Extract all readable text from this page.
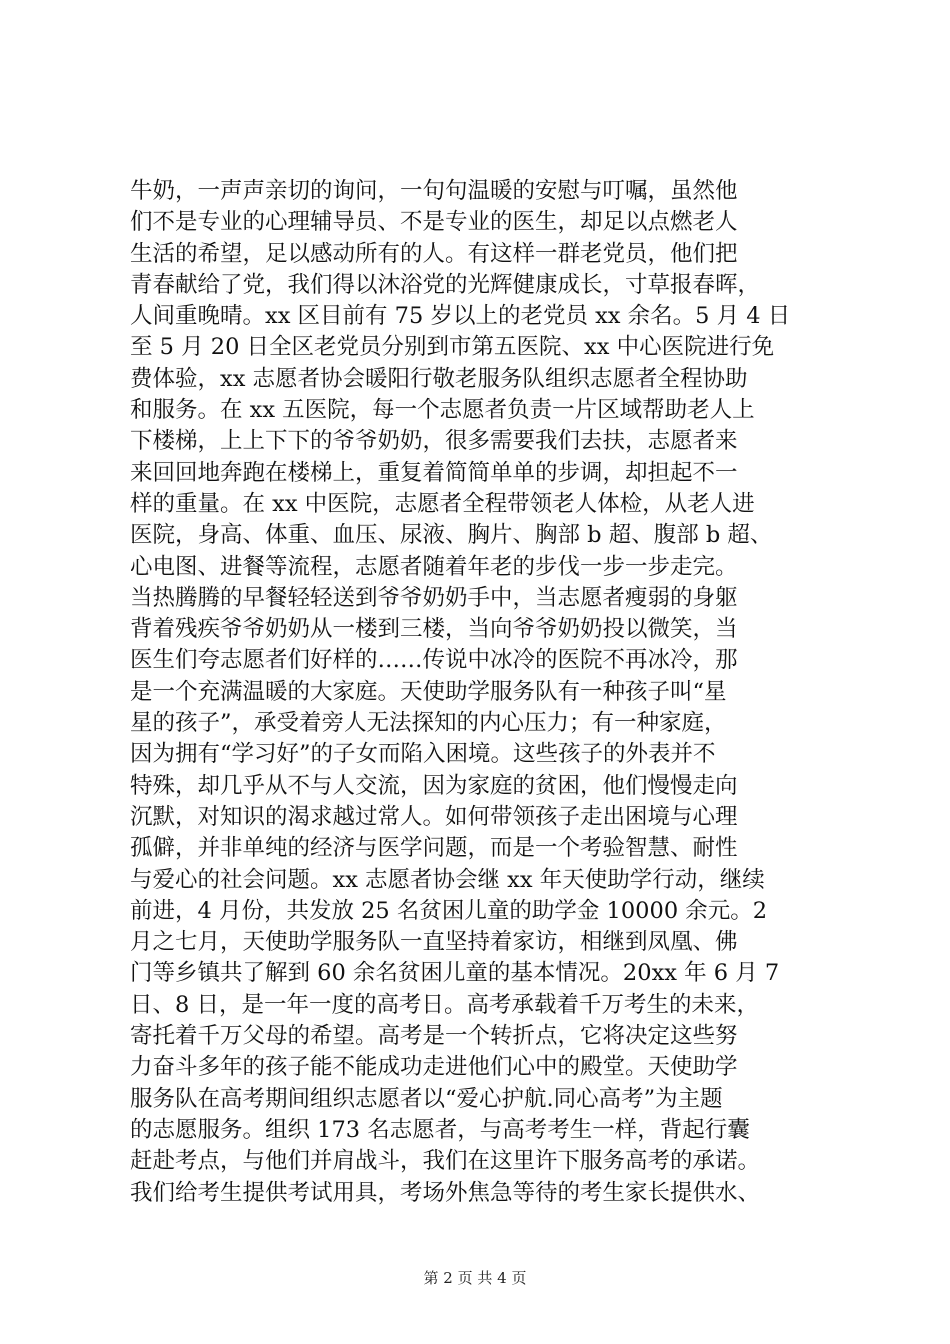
牛奶，一声声亲切的询问，一句句温暖的安慰与叮嘱，虽然他
们不是专业的心理辅导员、不是专业的医生，却足以点燃老人
生活的希望，足以感动所有的人。有这样一群老党员，他们把
青春献给了党，我们得以沐浴党的光辉健康成长，寸草报春晖，
人间重晚晴。xx 区目前有 75 岁以上的老党员 xx 余名。5 月 4 日
至 5 月 20 日全区老党员分别到市第五医院、xx 中心医院进行免
费体验，xx 志愿者协会暖阳行敬老服务队组织志愿者全程协助
和服务。在 xx 五医院，每一个志愿者负责一片区域帮助老人上
下楼梯，上上下下的爷爷奶奶，很多需要我们去扶，志愿者来
来回回地奔跑在楼梯上，重复着简简单单的步调，却担起不一
样的重量。在 xx 中医院，志愿者全程带领老人体检，从老人进
医院，身高、体重、血压、尿液、胸片、胸部 b 超、腹部 b 超、
心电图、进餐等流程，志愿者随着年老的步伐一步一步走完。
当热腾腾的早餐轻轻送到爷爷奶奶手中，当志愿者瘦弱的身躯
背着残疾爷爷奶奶从一楼到三楼，当向爷爷奶奶投以微笑，当
医生们夸志愿者们好样的……传说中冰冷的医院不再冰冷，那
是一个充满温暖的大家庭。天使助学服务队有一种孩子叫“星
星的孩子”，承受着旁人无法探知的内心压力；有一种家庭，
因为拥有“学习好”的子女而陷入困境。这些孩子的外表并不
特殊，却几乎从不与人交流，因为家庭的贫困，他们慢慢走向
沉默，对知识的渴求越过常人。如何带领孩子走出困境与心理
孤僻，并非单纯的经济与医学问题，而是一个考验智慧、耐性
与爱心的社会问题。xx 志愿者协会继 xx 年天使助学行动，继续
前进，4 月份，共发放 25 名贫困儿童的助学金 10000 余元。2
月之七月，天使助学服务队一直坚持着家访，相继到凤凰、佛
门等乡镇共了解到 60 余名贫困儿童的基本情况。20xx 年 6 月 7
日、8 日，是一年一度的高考日。高考承载着千万考生的未来，
寄托着千万父母的希望。高考是一个转折点，它将决定这些努
力奋斗多年的孩子能不能成功走进他们心中的殿堂。天使助学
服务队在高考期间组织志愿者以“爱心护航.同心高考”为主题
的志愿服务。组织 173 名志愿者，与高考考生一样，背起行囊
赶赴考点，与他们并肩战斗，我们在这里许下服务高考的承诺。
我们给考生提供考试用具，考场外焦急等待的考生家长提供水、
第 2 页 共 4 页
